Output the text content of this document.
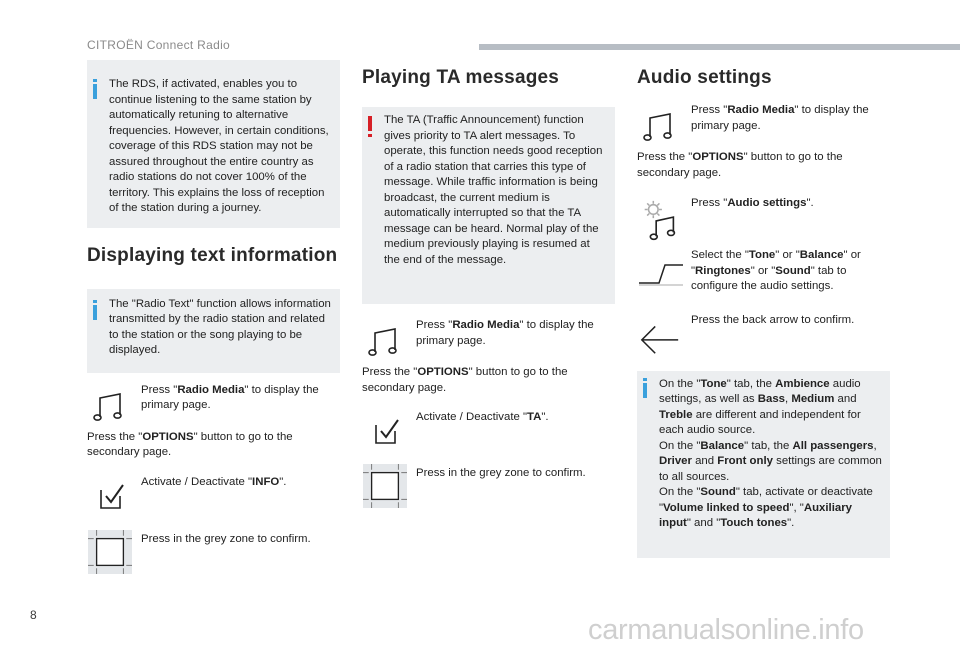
CITROËN Connect Radio

The RDS, if activated, enables you to continue listening to the same station by automatically retuning to alternative frequencies. However, in certain conditions, coverage of this RDS station may not be assured throughout the entire country as radio stations do not cover 100% of the territory. This explains the loss of reception of the station during a journey.

Displaying text information

The "Radio Text" function allows information transmitted by the radio station and related to the station or the song playing to be displayed.

Press "Radio Media" to display the primary page.
Press the "OPTIONS" button to go to the secondary page.
Activate / Deactivate "INFO".
Press in the grey zone to confirm.
Playing TA messages

The TA (Traffic Announcement) function gives priority to TA alert messages. To operate, this function needs good reception of a radio station that carries this type of message. While traffic information is being broadcast, the current medium is automatically interrupted so that the TA message can be heard. Normal play of the medium previously playing is resumed at the end of the message.

Press "Radio Media" to display the primary page.
Press the "OPTIONS" button to go to the secondary page.
Activate / Deactivate "TA".
Press in the grey zone to confirm.
Audio settings
Press "Radio Media" to display the primary page.
Press the "OPTIONS" button to go to the secondary page.
Press "Audio settings".
Select the "Tone" or "Balance" or "Ringtones" or "Sound" tab to configure the audio settings.
Press the back arrow to confirm.

On the "Tone" tab, the Ambience audio settings, as well as Bass, Medium and Treble are different and independent for each audio source.
On the "Balance" tab, the All passengers, Driver and Front only settings are common to all sources.
On the "Sound" tab, activate or deactivate "Volume linked to speed", "Auxiliary input" and "Touch tones".

8	carmanualsonline.info
